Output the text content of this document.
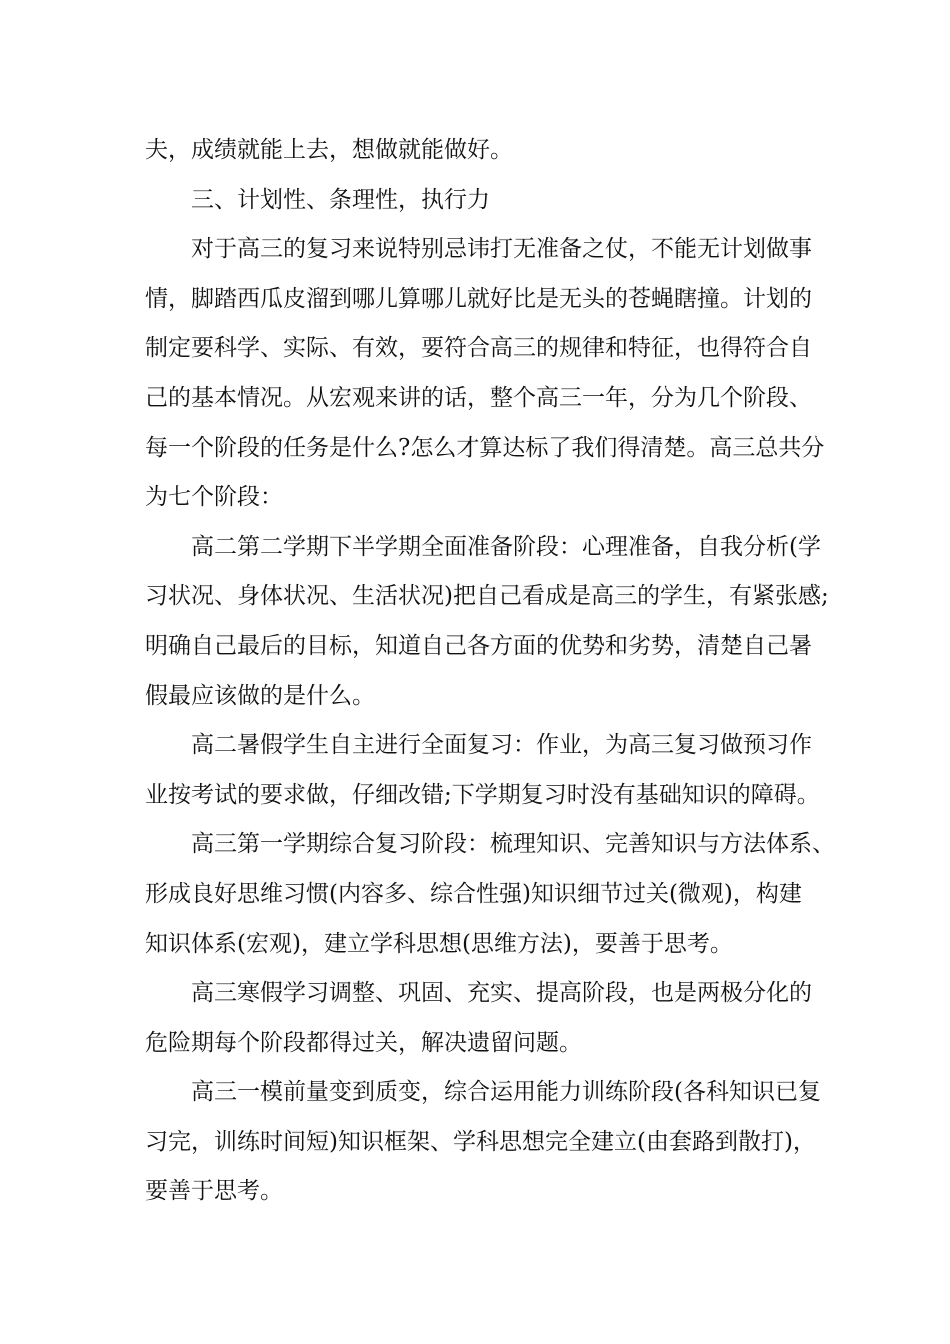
夫，成绩就能上去，想做就能做好。
三、计划性、条理性，执行力
对于高三的复习来说特别忌讳打无准备之仗，不能无计划做事
情，脚踏西瓜皮溜到哪儿算哪儿就好比是无头的苍蝇瞎撞。计划的
制定要科学、实际、有效，要符合高三的规律和特征，也得符合自
己的基本情况。从宏观来讲的话，整个高三一年，分为几个阶段、
每一个阶段的任务是什么?怎么才算达标了我们得清楚。高三总共分
为七个阶段：
高二第二学期下半学期全面准备阶段：心理准备，自我分析(学
习状况、身体状况、生活状况)把自己看成是高三的学生，有紧张感;
明确自己最后的目标，知道自己各方面的优势和劣势，清楚自己暑
假最应该做的是什么。
高二暑假学生自主进行全面复习：作业，为高三复习做预习作
业按考试的要求做，仔细改错;下学期复习时没有基础知识的障碍。
高三第一学期综合复习阶段：梳理知识、完善知识与方法体系、
形成良好思维习惯(内容多、综合性强)知识细节过关(微观)，构建
知识体系(宏观)，建立学科思想(思维方法)，要善于思考。
高三寒假学习调整、巩固、充实、提高阶段，也是两极分化的
危险期每个阶段都得过关，解决遗留问题。
高三一模前量变到质变，综合运用能力训练阶段(各科知识已复
习完，训练时间短)知识框架、学科思想完全建立(由套路到散打)，
要善于思考。
